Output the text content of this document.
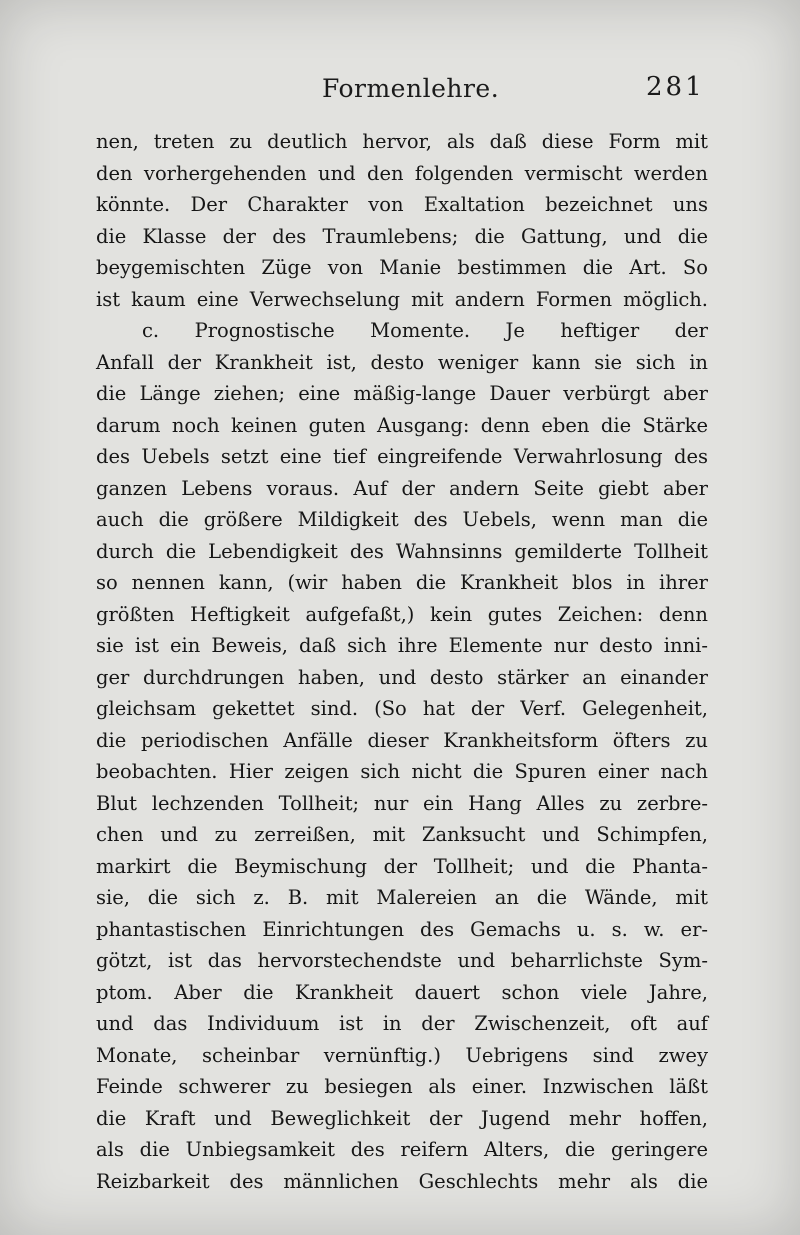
Formenlehre.	281
nen, treten zu deutlich hervor, als daß diese Form mit
den vorhergehenden und den folgenden vermischt werden
könnte. Der Charakter von Exaltation bezeichnet uns
die Klasse der des Traumlebens; die Gattung, und die
beygemischten Züge von Manie bestimmen die Art. So
ist kaum eine Verwechselung mit andern Formen möglich.
c. Prognostische Momente. Je heftiger der
Anfall der Krankheit ist, desto weniger kann sie sich in
die Länge ziehen; eine mäßig-lange Dauer verbürgt aber
darum noch keinen guten Ausgang: denn eben die Stärke
des Uebels setzt eine tief eingreifende Verwahrlosung des
ganzen Lebens voraus. Auf der andern Seite giebt aber
auch die größere Mildigkeit des Uebels, wenn man die
durch die Lebendigkeit des Wahnsinns gemilderte Tollheit
so nennen kann, (wir haben die Krankheit blos in ihrer
größten Heftigkeit aufgefaßt,) kein gutes Zeichen: denn
sie ist ein Beweis, daß sich ihre Elemente nur desto inni-
ger durchdrungen haben, und desto stärker an einander
gleichsam gekettet sind. (So hat der Verf. Gelegenheit,
die periodischen Anfälle dieser Krankheitsform öfters zu
beobachten. Hier zeigen sich nicht die Spuren einer nach
Blut lechzenden Tollheit; nur ein Hang Alles zu zerbre-
chen und zu zerreißen, mit Zanksucht und Schimpfen,
markirt die Beymischung der Tollheit; und die Phanta-
sie, die sich z. B. mit Malereien an die Wände, mit
phantastischen Einrichtungen des Gemachs u. s. w. er-
götzt, ist das hervorstechendste und beharrlichste Sym-
ptom. Aber die Krankheit dauert schon viele Jahre,
und das Individuum ist in der Zwischenzeit, oft auf
Monate, scheinbar vernünftig.) Uebrigens sind zwey
Feinde schwerer zu besiegen als einer. Inzwischen läßt
die Kraft und Beweglichkeit der Jugend mehr hoffen,
als die Unbiegsamkeit des reifern Alters, die geringere
Reizbarkeit des männlichen Geschlechts mehr als die
